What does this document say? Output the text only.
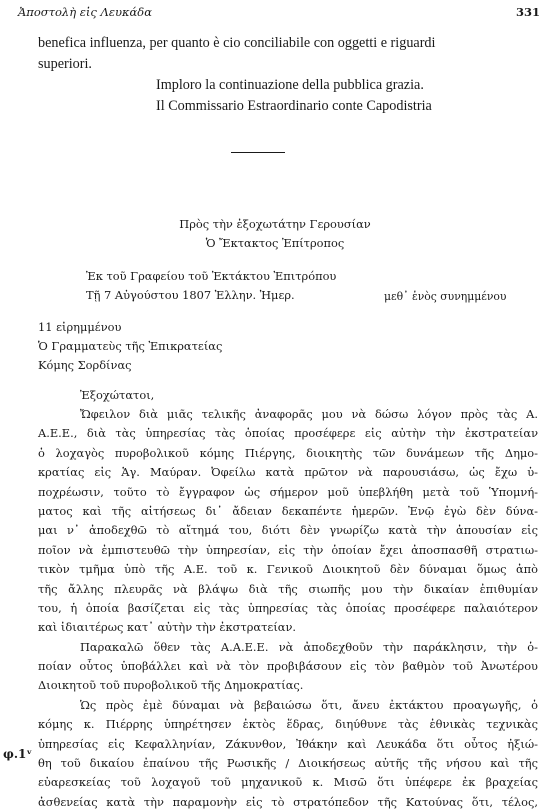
Ἀποστολὴ εἰς Λευκάδα	331
benefica influenza, per quanto è cio conciliabile con oggetti e riguardi
superiori.
Imploro la continuazione della pubblica grazia.
Il Commissario Estraordinario conte Capodistria
Πρὸς τὴν ἐξοχωτάτην Γερουσίαν
Ὁ Ἔκτακτος Ἐπίτροπος
Ἐκ τοῦ Γραφείου τοῦ Ἐκτάκτου Ἐπιτρόπου
Τῇ 7 Αὐγούστου 1807 Ἑλλην. Ἡμερ.	μεθ᾽ ἑνὸς συνημμένου
11 εἰρημμένου
Ὁ Γραμματεὺς τῆς Ἐπικρατείας
Κόμης Σορδίνας
Ἐξοχώτατοι,
Ὤφειλον διὰ μιᾶς τελικῆς ἀναφορᾶς μου νὰ δώσω λόγον πρὸς τὰς Α.
Α.Ε.Ε., διὰ τὰς ὑπηρεσίας τὰς ὁποίας προσέφερε εἰς αὐτὴν τὴν ἐκστρατείαν
ὁ λοχαγὸς πυροβολικοῦ κόμης Πιέργης, διοικητὴς τῶν δυνάμεων τῆς Δημο-
κρατίας εἰς Ἁγ. Μαύραν. Ὀφείλω κατὰ πρῶτον νὰ παρουσιάσω, ὡς ἔχω ὑ-
ποχρέωσιν, τοῦτο τὸ ἔγγραφον ὡς σήμερον μοῦ ὑπεβλήθη μετὰ τοῦ Ὑπομνή-
ματος καὶ τῆς αἰτήσεως δι᾽ ἄδειαν δεκαπέντε ἡμερῶν. Ἐνῷ ἐγὼ δὲν δύνα-
μαι ν᾽ ἀποδεχθῶ τὸ αἴτημά του, διότι δὲν γνωρίζω κατὰ τὴν ἀπουσίαν εἰς
ποῖον νὰ ἐμπιστευθῶ τὴν ὑπηρεσίαν, εἰς τὴν ὁποίαν ἔχει ἀποσπασθῆ στρατιω-
τικὸν τμῆμα ὑπὸ τῆς Α.Ε. τοῦ κ. Γενικοῦ Διοικητοῦ δὲν δύναμαι ὅμως ἀπὸ
τῆς ἄλλης πλευρᾶς νὰ βλάψω διὰ τῆς σιωπῆς μου τὴν δικαίαν ἐπιθυμίαν
του, ἡ ὁποία βασίζεται εἰς τὰς ὑπηρεσίας τὰς ὁποίας προσέφερε παλαιότερον
καὶ ἰδιαιτέρως κατ᾽ αὐτὴν τὴν ἐκστρατείαν.
Παρακαλῶ ὅθεν τὰς Α.Α.Ε.Ε. νὰ ἀποδεχθοῦν τὴν παράκλησιν, τὴν ὁ-
ποίαν οὗτος ὑποβάλλει καὶ νὰ τὸν προβιβάσουν εἰς τὸν βαθμὸν τοῦ Ἀνωτέρου
Διοικητοῦ τοῦ πυροβολικοῦ τῆς Δημοκρατίας.
Ὡς πρὸς ἐμὲ δύναμαι νὰ βεβαιώσω ὅτι, ἄνευ ἐκτάκτου προαγωγῆς, ὁ
κόμης κ. Πιέρρης ὑπηρέτησεν ἐκτὸς ἕδρας, διηύθυνε τὰς ἐθνικὰς τεχνικὰς
ὑπηρεσίας εἰς Κεφαλληνίαν, Ζάκυνθον, Ἰθάκην καὶ Λευκάδα ὅτι οὗτος ἠξιώ-
θη τοῦ δικαίου ἐπαίνου τῆς Ρωσικῆς / Διοικήσεως αὐτῆς τῆς νήσου καὶ τῆς
εὐαρεσκείας τοῦ λοχαγοῦ τοῦ μηχανικοῦ κ. Μισῶ ὅτι ὑπέφερε ἐκ βραχείας
ἀσθενείας κατὰ τὴν παραμονὴν εἰς τὸ στρατόπεδον τῆς Κατούνας ὅτι, τέλος,
φ.1ᵛ
